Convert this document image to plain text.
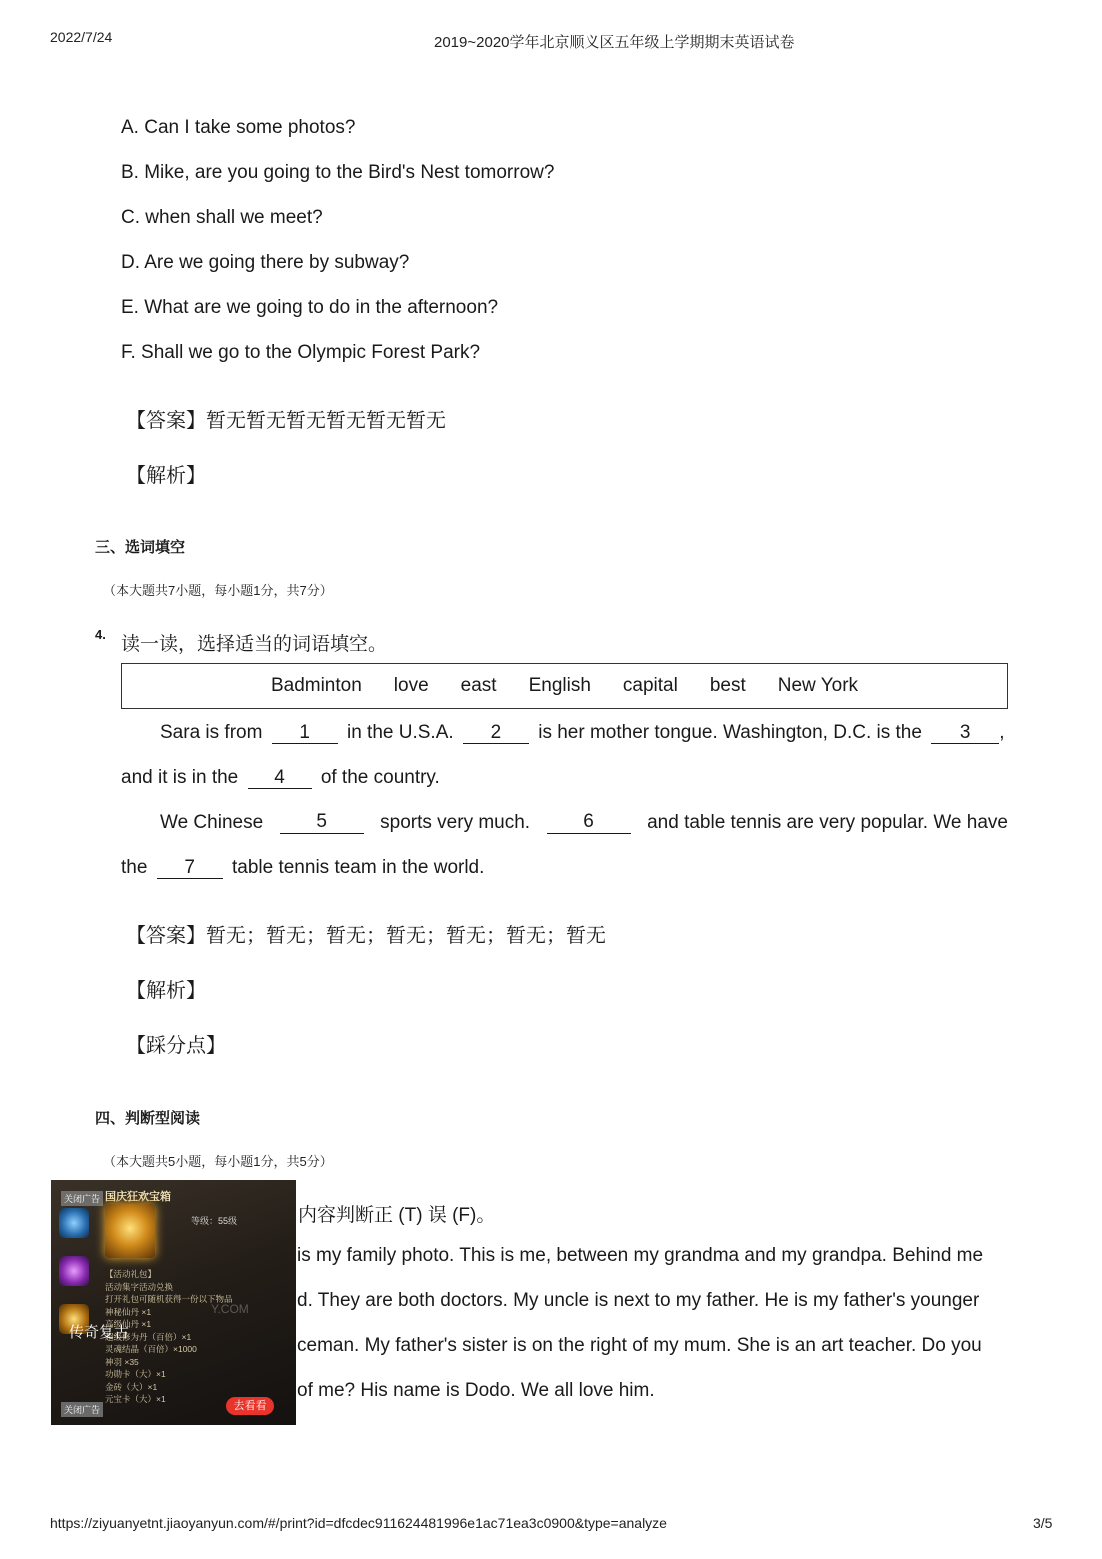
2022/7/24	2019~2020学年北京顺义区五年级上学期期末英语试卷
A. Can I take some photos?
B. Mike, are you going to the Bird's Nest tomorrow?
C. when shall we meet?
D. Are we going there by subway?
E. What are we going to do in the afternoon?
F. Shall we go to the Olympic Forest Park?
【答案】暂无暂无暂无暂无暂无暂无
【解析】
三、选词填空
（本大题共7小题，每小题1分，共7分）
4. 读一读，选择适当的词语填空。
Badminton love east English capital best New York
Sara is from 1 in the U.S.A. 2 is her mother tongue. Washington, D.C. is the 3 ,
and it is in the 4 of the country.
We Chinese	5	sports very much.	6	and table tennis are very popular. We have
the 7 table tennis team in the world.
【答案】暂无；暂无；暂无；暂无；暂无；暂无；暂无
【解析】
【踩分点】
四、判断型阅读
（本大题共5小题，每小题1分，共5分）
内容判断正 (T) 误 (F)。
is my family photo. This is me, between my grandma and my grandpa. Behind me
d. They are both doctors. My uncle is next to my father. He is my father's younger
ceman. My father's sister is on the right of my mum. She is an art teacher. Do you
of me? His name is Dodo. We all love him.
关闭广告 国庆狂欢宝箱
等级：55级
【活动礼包】
活动集字活动兑换
打开礼包可随机获得一份以下物品
神秘仙丹 ×1
高级仙丹 ×1
超级修为丹（百倍）×1
灵魂结晶（百倍）×1000
神羽 ×35
功勋卡（大）×1
金砖（大）×1
元宝卡（大）×1
Y.COM
传奇复古
关闭广告	去看看
https://ziyuanyetnt.jiaoyanyun.com/#/print?id=dfcdec911624481996e1ac71ea3c0900&type=analyze	3/5
